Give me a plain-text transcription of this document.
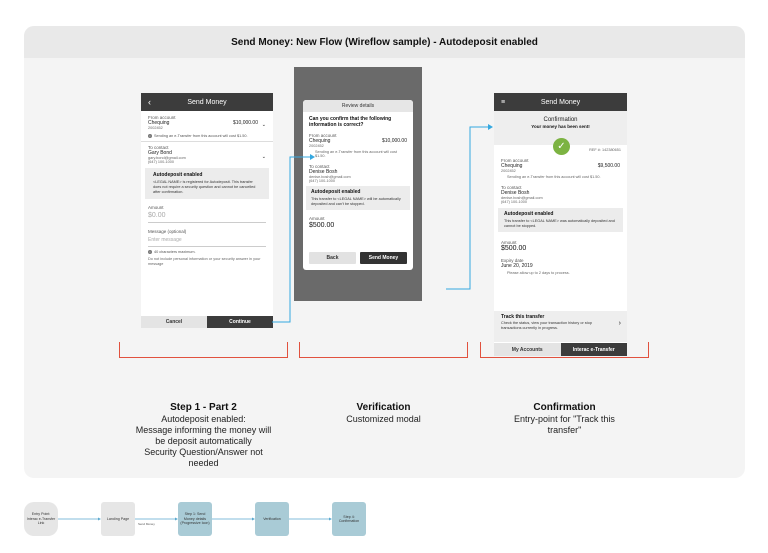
Send Money: New Flow (Wireflow sample) - Autodeposit enabled
‹	Send Money
From account
Chequing	$10,000.00
2002452	⌄
i Sending an e-Transfer from this account will cost $1.50.
To contact
Gary Bond
gary.bond@gmail.com
(647) 100-1000
⌄
Autodeposit enabled
<LEGAL NAME> is registered for Autodeposit. This transfer does not require a security question and cannot be cancelled after confirmation.
Amount
$0.00
Message (optional)
Enter message
i 40 characters maximum.
Do not include personal information or your security answer in your message
Cancel	Continue
Review details
Can you confirm that the following information is correct?
From account
Chequing	$10,000.00
2002452
Sending an e-Transfer from this account will cost $1.50.
To contact
Denise Bosh
denise.bosh@gmail.com
(647) 100-1000
Autodeposit enabled
This transfer to <LEGAL NAME> will be automatically deposited and can't be stopped.
Amount
$500.00
Back	Send Money
≡	Send Money
Confirmation
Your money has been sent!
✓	REF #: 142380651
From account
Chequing	$9,500.00
2002452
Sending an e-Transfer from this account will cost $1.50.
To contact
Denise Bosh
denise.bosh@gmail.com
(647) 100-1000
Autodeposit enabled
This transfer to <LEGAL NAME> was automatically deposited and cannot be stopped.
Amount
$500.00
Expiry date
June 20, 2019
Please allow up to 2 days to process.
Track this transfer
Check the status, view your transaction history or stop transactions currently in progress.
›
My Accounts	Interac e-Transfer
Step 1 - Part 2
Autodeposit enabled:
Message informing the money will
be deposit automatically
Security Question/Answer not
needed
Verification
Customized modal
Confirmation
Entry-point for "Track this
transfer"
Entry Point: Interac e-Transfer Link
Landing Page
Step 1: Send Money details (Progressive Icon)
Verification
Step 4: Confirmation
Send Money
